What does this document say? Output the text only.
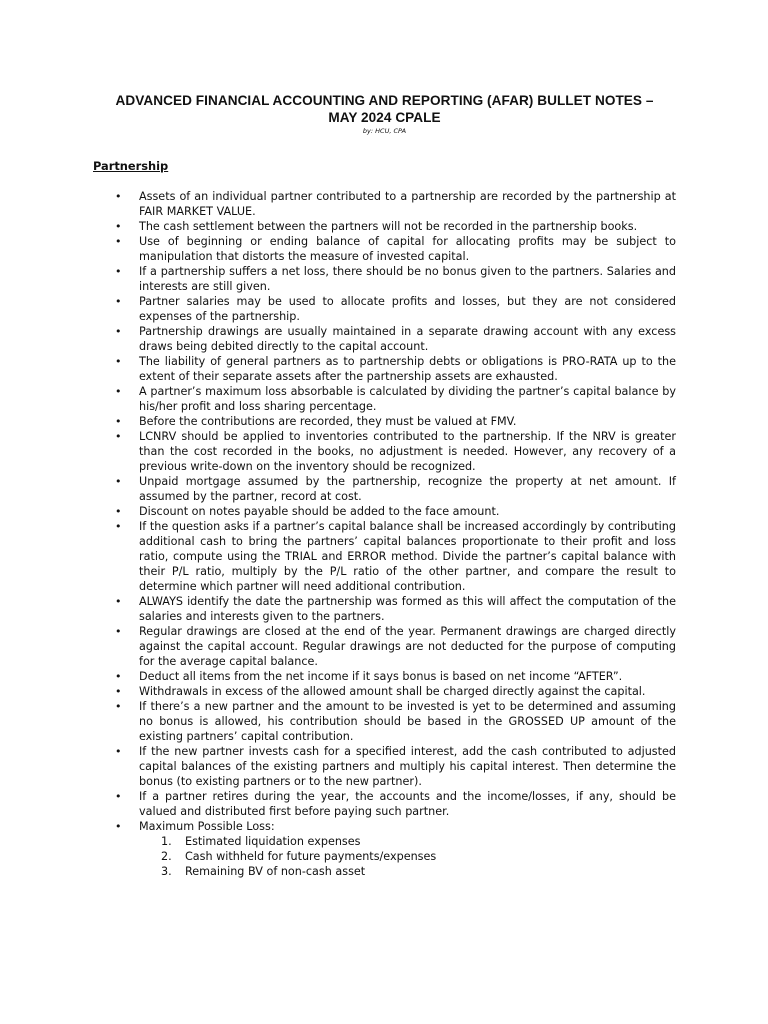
ADVANCED FINANCIAL ACCOUNTING AND REPORTING (AFAR) BULLET NOTES –
MAY 2024 CPALE

by: HCU, CPA

Partnership
• Assets of an individual partner contributed to a partnership are recorded by the partnership at FAIR MARKET VALUE.
• The cash settlement between the partners will not be recorded in the partnership books.
• Use of beginning or ending balance of capital for allocating profits may be subject to manipulation that distorts the measure of invested capital.
• If a partnership suffers a net loss, there should be no bonus given to the partners. Salaries and interests are still given.
• Partner salaries may be used to allocate profits and losses, but they are not considered expenses of the partnership.
• Partnership drawings are usually maintained in a separate drawing account with any excess draws being debited directly to the capital account.
• The liability of general partners as to partnership debts or obligations is PRO-RATA up to the extent of their separate assets after the partnership assets are exhausted.
• A partner’s maximum loss absorbable is calculated by dividing the partner’s capital balance by his/her profit and loss sharing percentage.
• Before the contributions are recorded, they must be valued at FMV.
• LCNRV should be applied to inventories contributed to the partnership. If the NRV is greater than the cost recorded in the books, no adjustment is needed. However, any recovery of a previous write-down on the inventory should be recognized.
• Unpaid mortgage assumed by the partnership, recognize the property at net amount. If assumed by the partner, record at cost.
• Discount on notes payable should be added to the face amount.
• If the question asks if a partner’s capital balance shall be increased accordingly by contributing additional cash to bring the partners’ capital balances proportionate to their profit and loss ratio, compute using the TRIAL and ERROR method. Divide the partner’s capital balance with their P/L ratio, multiply by the P/L ratio of the other partner, and compare the result to determine which partner will need additional contribution.
• ALWAYS identify the date the partnership was formed as this will affect the computation of the salaries and interests given to the partners.
• Regular drawings are closed at the end of the year. Permanent drawings are charged directly against the capital account. Regular drawings are not deducted for the purpose of computing for the average capital balance.
• Deduct all items from the net income if it says bonus is based on net income “AFTER”.
• Withdrawals in excess of the allowed amount shall be charged directly against the capital.
• If there’s a new partner and the amount to be invested is yet to be determined and assuming no bonus is allowed, his contribution should be based in the GROSSED UP amount of the existing partners’ capital contribution.
• If the new partner invests cash for a specified interest, add the cash contributed to adjusted capital balances of the existing partners and multiply his capital interest. Then determine the bonus (to existing partners or to the new partner).
• If a partner retires during the year, the accounts and the income/losses, if any, should be valued and distributed first before paying such partner.
• Maximum Possible Loss:
1. Estimated liquidation expenses
2. Cash withheld for future payments/expenses
3. Remaining BV of non-cash asset
